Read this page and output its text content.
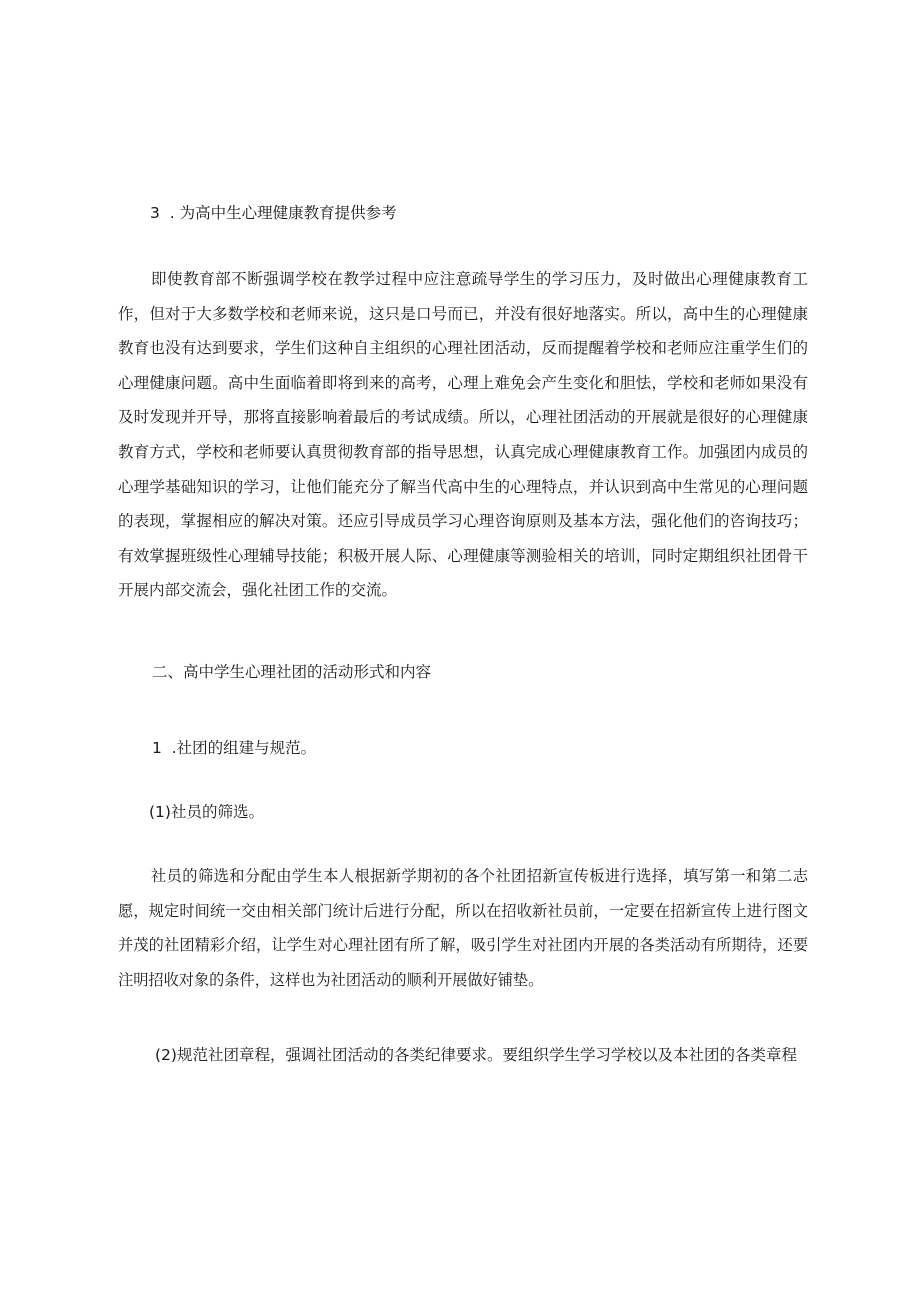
3  . 为高中生心理健康教育提供参考

即使教育部不断强调学校在教学过程中应注意疏导学生的学习压力，及时做出心理健康教育工作，但对于大多数学校和老师来说，这只是口号而已，并没有很好地落实。所以，高中生的心理健康教育也没有达到要求，学生们这种自主组织的心理社团活动，反而提醒着学校和老师应注重学生们的心理健康问题。高中生面临着即将到来的高考，心理上难免会产生变化和胆怯，学校和老师如果没有及时发现并开导，那将直接影响着最后的考试成绩。所以，心理社团活动的开展就是很好的心理健康教育方式，学校和老师要认真贯彻教育部的指导思想，认真完成心理健康教育工作。加强团内成员的心理学基础知识的学习，让他们能充分了解当代高中生的心理特点，并认识到高中生常见的心理问题的表现，掌握相应的解决对策。还应引导成员学习心理咨询原则及基本方法，强化他们的咨询技巧；有效掌握班级性心理辅导技能；积极开展人际、心理健康等测验相关的培训，同时定期组织社团骨干开展内部交流会，强化社团工作的交流。

二、高中学生心理社团的活动形式和内容
1  .社团的组建与规范。
(1)社员的筛选。

社员的筛选和分配由学生本人根据新学期初的各个社团招新宣传板进行选择，填写第一和第二志愿，规定时间统一交由相关部门统计后进行分配，所以在招收新社员前，一定要在招新宣传上进行图文并茂的社团精彩介绍，让学生对心理社团有所了解，吸引学生对社团内开展的各类活动有所期待，还要注明招收对象的条件，这样也为社团活动的顺利开展做好铺垫。

(2)规范社团章程，强调社团活动的各类纪律要求。要组织学生学习学校以及本社团的各类章程
